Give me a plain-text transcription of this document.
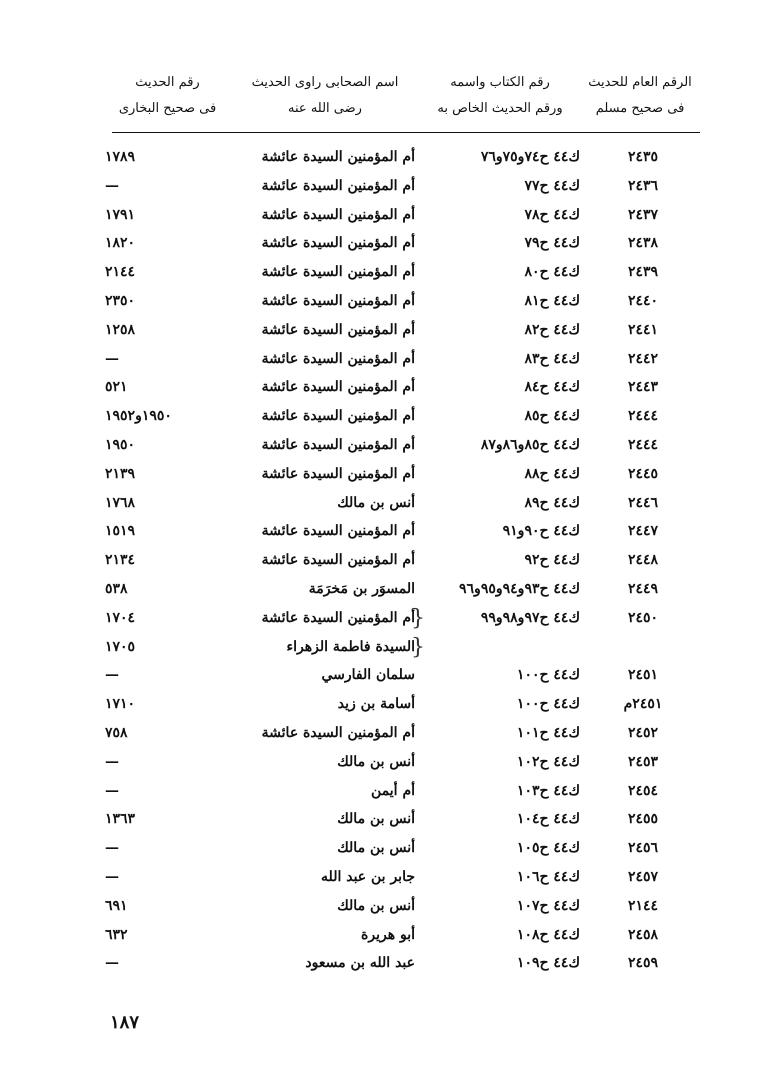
الرقم العام للحديث
فى صحيح مسلم
رقم الكتاب واسمه
ورقم الحديث الخاص به
اسم الصحابى راوى الحديث
رضى الله عنه
رقم الحديث
فى صحيح البخارى
٢٤٣٥
ك٤٤ ح٧٤و٧٥و٧٦
أم المؤمنين السيدة عائشة
١٧٨٩
٢٤٣٦
ك٤٤ ح٧٧
أم المؤمنين السيدة عائشة
—
٢٤٣٧
ك٤٤ ح٧٨
أم المؤمنين السيدة عائشة
١٧٩١
٢٤٣٨
ك٤٤ ح٧٩
أم المؤمنين السيدة عائشة
١٨٢٠
٢٤٣٩
ك٤٤ ح٨٠
أم المؤمنين السيدة عائشة
٢١٤٤
٢٤٤٠
ك٤٤ ح٨١
أم المؤمنين السيدة عائشة
٢٣٥٠
٢٤٤١
ك٤٤ ح٨٢
أم المؤمنين السيدة عائشة
١٢٥٨
٢٤٤٢
ك٤٤ ح٨٣
أم المؤمنين السيدة عائشة
—
٢٤٤٣
ك٤٤ ح٨٤
أم المؤمنين السيدة عائشة
٥٢١
٢٤٤٤
ك٤٤ ح٨٥
أم المؤمنين السيدة عائشة
١٩٥٠و١٩٥٢
٢٤٤٤
ك٤٤ ح٨٥و٨٦و٨٧
أم المؤمنين السيدة عائشة
١٩٥٠
٢٤٤٥
ك٤٤ ح٨٨
أم المؤمنين السيدة عائشة
٢١٣٩
٢٤٤٦
ك٤٤ ح٨٩
أنس بن مالك
١٧٦٨
٢٤٤٧
ك٤٤ ح٩٠و٩١
أم المؤمنين السيدة عائشة
١٥١٩
٢٤٤٨
ك٤٤ ح٩٢
أم المؤمنين السيدة عائشة
٢١٣٤
٢٤٤٩
ك٤٤ ح٩٣و٩٤و٩٥و٩٦
المسوَر بن مَخرَمَة
٥٣٨
٢٤٥٠
ك٤٤ ح٩٧و٩٨و٩٩
أم المؤمنين السيدة عائشة
١٧٠٤	{
السيدة فاطمة الزهراء
١٧٠٥	{
٢٤٥١
ك٤٤ ح١٠٠
سلمان الفارسي
—
٢٤٥١م
ك٤٤ ح١٠٠
أسامة بن زيد
١٧١٠
٢٤٥٢
ك٤٤ ح١٠١
أم المؤمنين السيدة عائشة
٧٥٨
٢٤٥٣
ك٤٤ ح١٠٢
أنس بن مالك
—
٢٤٥٤
ك٤٤ ح١٠٣
أم أيمن
—
٢٤٥٥
ك٤٤ ح١٠٤
أنس بن مالك
١٣٦٣
٢٤٥٦
ك٤٤ ح١٠٥
أنس بن مالك
—
٢٤٥٧
ك٤٤ ح١٠٦
جابر بن عبد الله
—
٢١٤٤
ك٤٤ ح١٠٧
أنس بن مالك
٦٩١
٢٤٥٨
ك٤٤ ح١٠٨
أبو هريرة
٦٣٢
٢٤٥٩
ك٤٤ ح١٠٩
عبد الله بن مسعود
—
١٨٧
